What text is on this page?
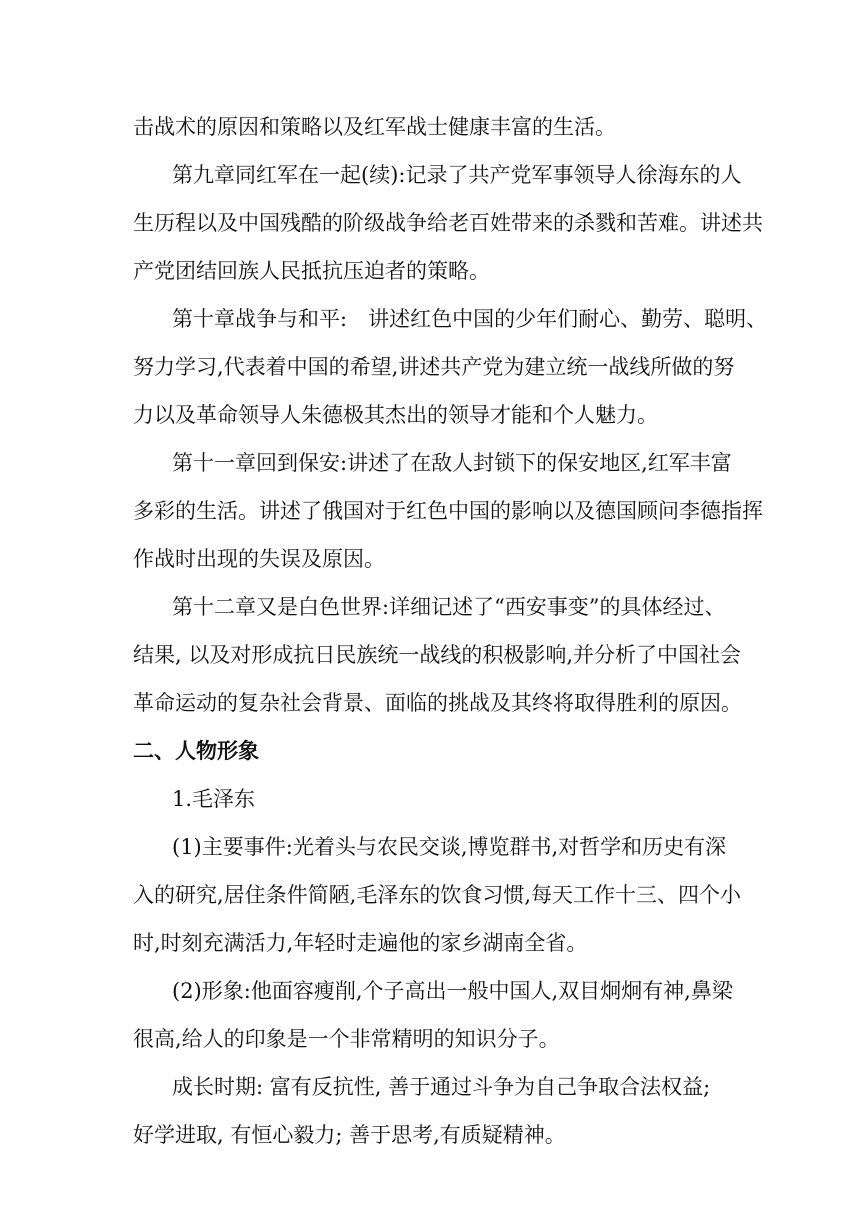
击战术的原因和策略以及红军战士健康丰富的生活。
第九章同红军在一起(续):记录了共产党军事领导人徐海东的人
生历程以及中国残酷的阶级战争给老百姓带来的杀戮和苦难。讲述共
产党团结回族人民抵抗压迫者的策略。
第十章战争与和平:　讲述红色中国的少年们耐心、勤劳、聪明、
努力学习,代表着中国的希望,讲述共产党为建立统一战线所做的努
力以及革命领导人朱德极其杰出的领导才能和个人魅力。
第十一章回到保安:讲述了在敌人封锁下的保安地区,红军丰富
多彩的生活。讲述了俄国对于红色中国的影响以及德国顾问李德指挥
作战时出现的失误及原因。
第十二章又是白色世界:详细记述了“西安事变”的具体经过、
结果, 以及对形成抗日民族统一战线的积极影响,并分析了中国社会
革命运动的复杂社会背景、面临的挑战及其终将取得胜利的原因。
二、人物形象
1.毛泽东
(1)主要事件:光着头与农民交谈,博览群书,对哲学和历史有深
入的研究,居住条件简陋,毛泽东的饮食习惯,每天工作十三、四个小
时,时刻充满活力,年轻时走遍他的家乡湖南全省。
(2)形象:他面容瘦削,个子高出一般中国人,双目炯炯有神,鼻梁
很高,给人的印象是一个非常精明的知识分子。
成长时期: 富有反抗性, 善于通过斗争为自己争取合法权益;
好学进取, 有恒心毅力; 善于思考,有质疑精神。
